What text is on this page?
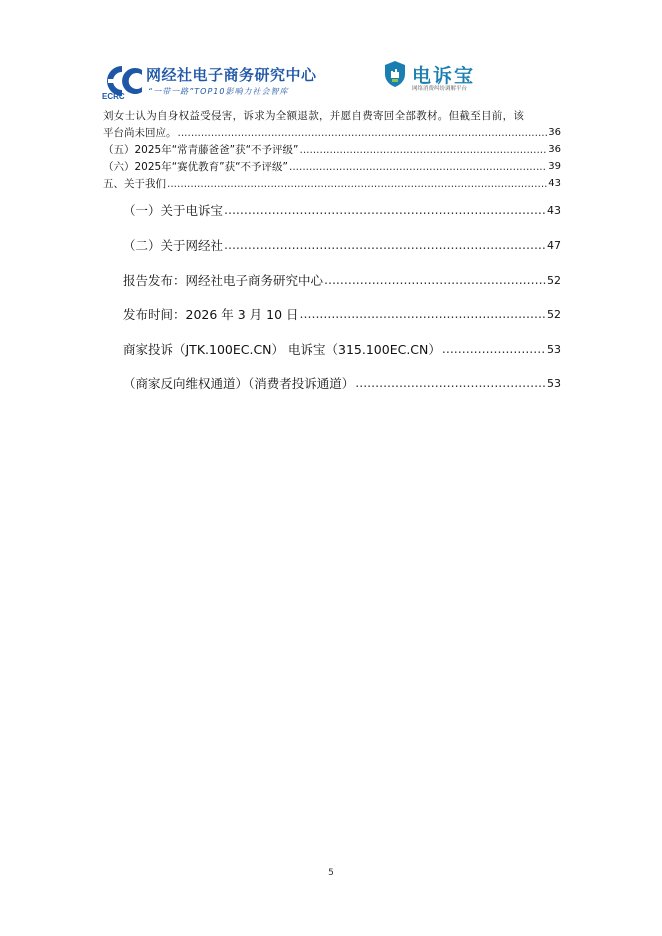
网经社电子商务研究中心
“一带一路”TOP10影响力社会智库
ECRC
电诉宝
网络消费纠纷调解平台
刘女士认为自身权益受侵害，诉求为全额退款，并愿自费寄回全部教材。但截至目前，该
平台尚未回应。 .....	36
（五）2025年“常青藤爸爸”获“不予评级” .....	36
（六）2025年“赛优教育”获“不予评级” .....	39
五、关于我们 .....	43
（一）关于电诉宝 .....	43
（二）关于网经社 .....	47
报告发布：网经社电子商务研究中心 .....	52
发布时间：2026 年 3 月 10 日 .....	52
商家投诉（JTK.100EC.CN） 电诉宝（315.100EC.CN） .....	53
（商家反向维权通道）（消费者投诉通道） .....	53
5
